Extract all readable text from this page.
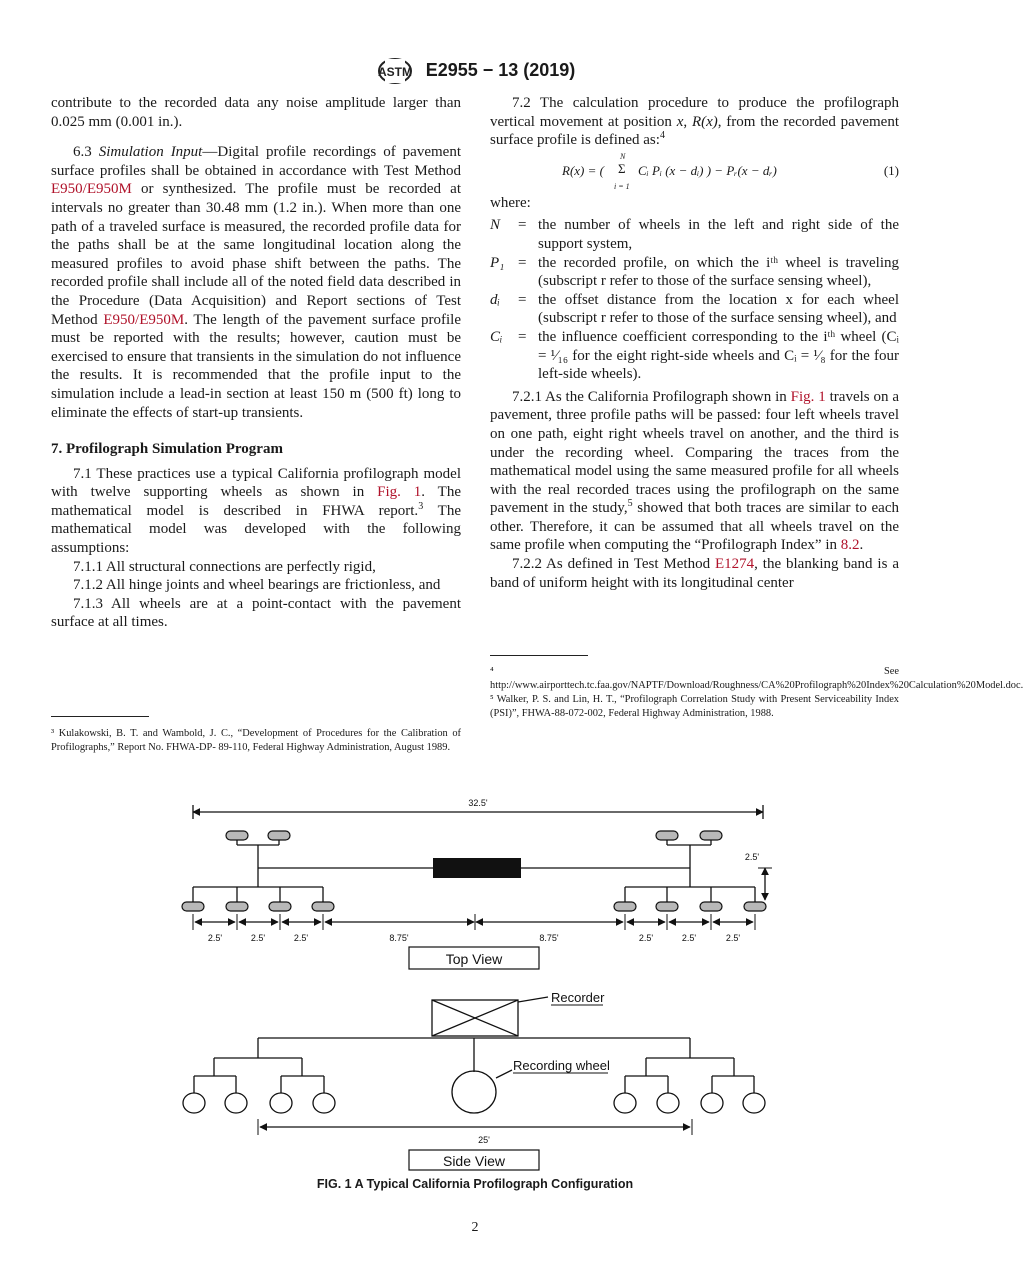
ASTM E2955 − 13 (2019)

contribute to the recorded data any noise amplitude larger than 0.025 mm (0.001 in.).

6.3 Simulation Input—Digital profile recordings of pavement surface profiles shall be obtained in accordance with Test Method E950/E950M or synthesized. The profile must be recorded at intervals no greater than 30.48 mm (1.2 in.). When more than one path of a traveled surface is measured, the recorded profile data for the paths shall be at the same longitudinal location along the measured profiles to avoid phase shift between the paths. The recorded profile shall include all of the noted field data described in the Procedure (Data Acquisition) and Report sections of Test Method E950/E950M. The length of the pavement surface profile must be reported with the results; however, caution must be exercised to ensure that transients in the simulation do not influence the results. It is recommended that the profile input to the simulation include a lead-in section at least 150 m (500 ft) long to eliminate the effects of start-up transients.

7. Profilograph Simulation Program

7.1 These practices use a typical California profilograph model with twelve supporting wheels as shown in Fig. 1. The mathematical model is described in FHWA report.$^3$ The mathematical model was developed with the following assumptions:

7.1.1 All structural connections are perfectly rigid,

7.1.2 All hinge joints and wheel bearings are frictionless, and

7.1.3 All wheels are at a point-contact with the pavement surface at all times.

³ Kulakowski, B. T. and Wambold, J. C., “Development of Procedures for the Calibration of Profilographs,” Report No. FHWA-DP- 89-110, Federal Highway Administration, August 1989.

7.2 The calculation procedure to produce the profilograph vertical movement at position x, R(x), from the recorded pavement surface profile is defined as:$^4$

R(x) = (
N
Σ
i = 1
Cᵢ Pᵢ (x − dᵢ) ) − Pᵣ(x − dᵣ)	(1)

where:

N	= the number of wheels in the left and right side of the support system,

P₁ = the recorded profile, on which the iᵗʰ wheel is traveling (subscript r refer to those of the surface sensing wheel),

dᵢ	= the offset distance from the location x for each wheel (subscript r refer to those of the surface sensing wheel), and

Cᵢ	= the influence coefficient corresponding to the iᵗʰ wheel (Cᵢ = ¹⁄₁₆ for the eight right-side wheels and Cᵢ = ¹⁄₈ for the four left-side wheels).

7.2.1 As the California Profilograph shown in Fig. 1 travels on a pavement, three profile paths will be passed: four left wheels travel on one path, eight right wheels travel on another, and the third is under the recording wheel. Comparing the traces from the mathematical model using the same measured profile for all wheels with the real recorded traces using the profilograph on the same pavement in the study,$^5$ showed that both traces are similar to each other. Therefore, it can be assumed that all wheels travel on the same profile when computing the “Profilograph Index” in 8.2.

7.2.2 As defined in Test Method E1274, the blanking band is a band of uniform height with its longitudinal center

⁴ See http://www.airporttech.tc.faa.gov/NAPTF/Download/Roughness/CA%20Profilograph%20Index%20Calculation%20Model.doc.
⁵ Walker, P. S. and Lin, H. T., “Profilograph Correlation Study with Present Serviceability Index (PSI)”, FHWA-88-072-002, Federal Highway Administration, 1988.
32.5'
2.5'
2.5'	2.5'	2.5'	8.75'	8.75'	2.5'	2.5'	2.5'
Top View
Recorder
Recording wheel
25'
Side View
FIG. 1 A Typical California Profilograph Configuration
2
